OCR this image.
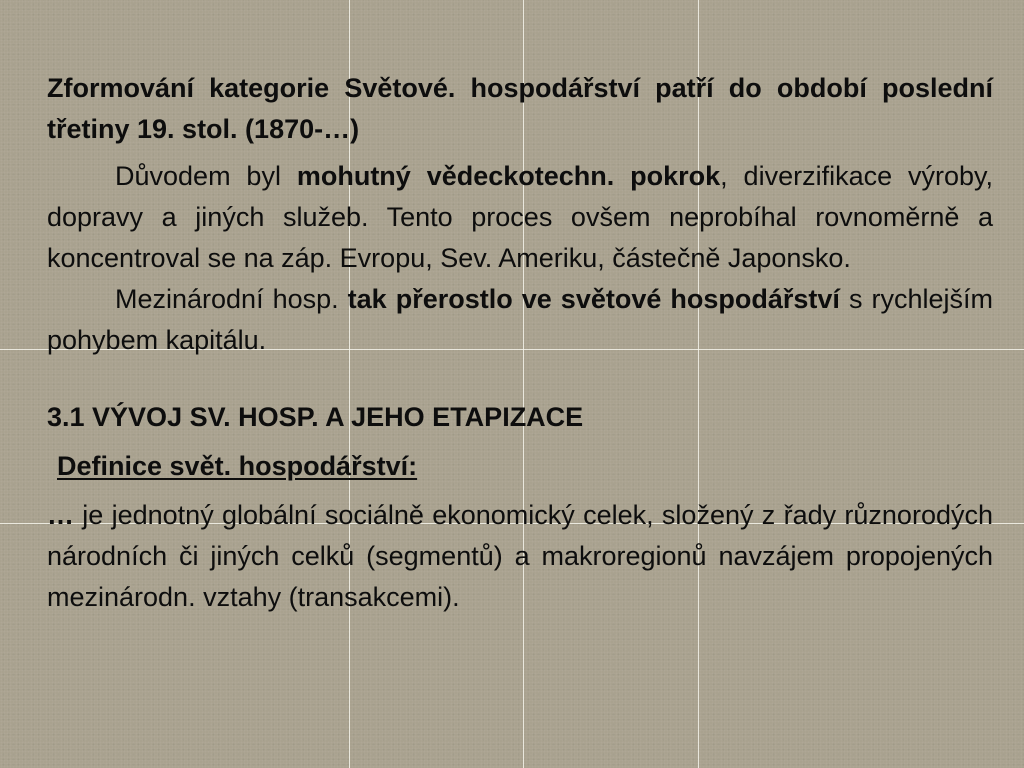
Zformování kategorie Světové. hospodářství patří do období poslední třetiny 19. stol. (1870-…)

Důvodem byl mohutný vědeckotechn. pokrok, diverzifikace výroby, dopravy a jiných služeb. Tento proces ovšem neprobíhal rovnoměrně a koncentroval se na záp. Evropu, Sev. Ameriku, částečně Japonsko.

Mezinárodní hosp. tak přerostlo ve světové hospodářství s rychlejším pohybem kapitálu.

3.1 VÝVOJ SV. HOSP. A JEHO ETAPIZACE

Definice svět. hospodářství:

… je jednotný globální sociálně ekonomický celek, složený z řady různorodých národních či jiných celků (segmentů) a makroregionů navzájem propojených mezinárodn. vztahy (transakcemi).
